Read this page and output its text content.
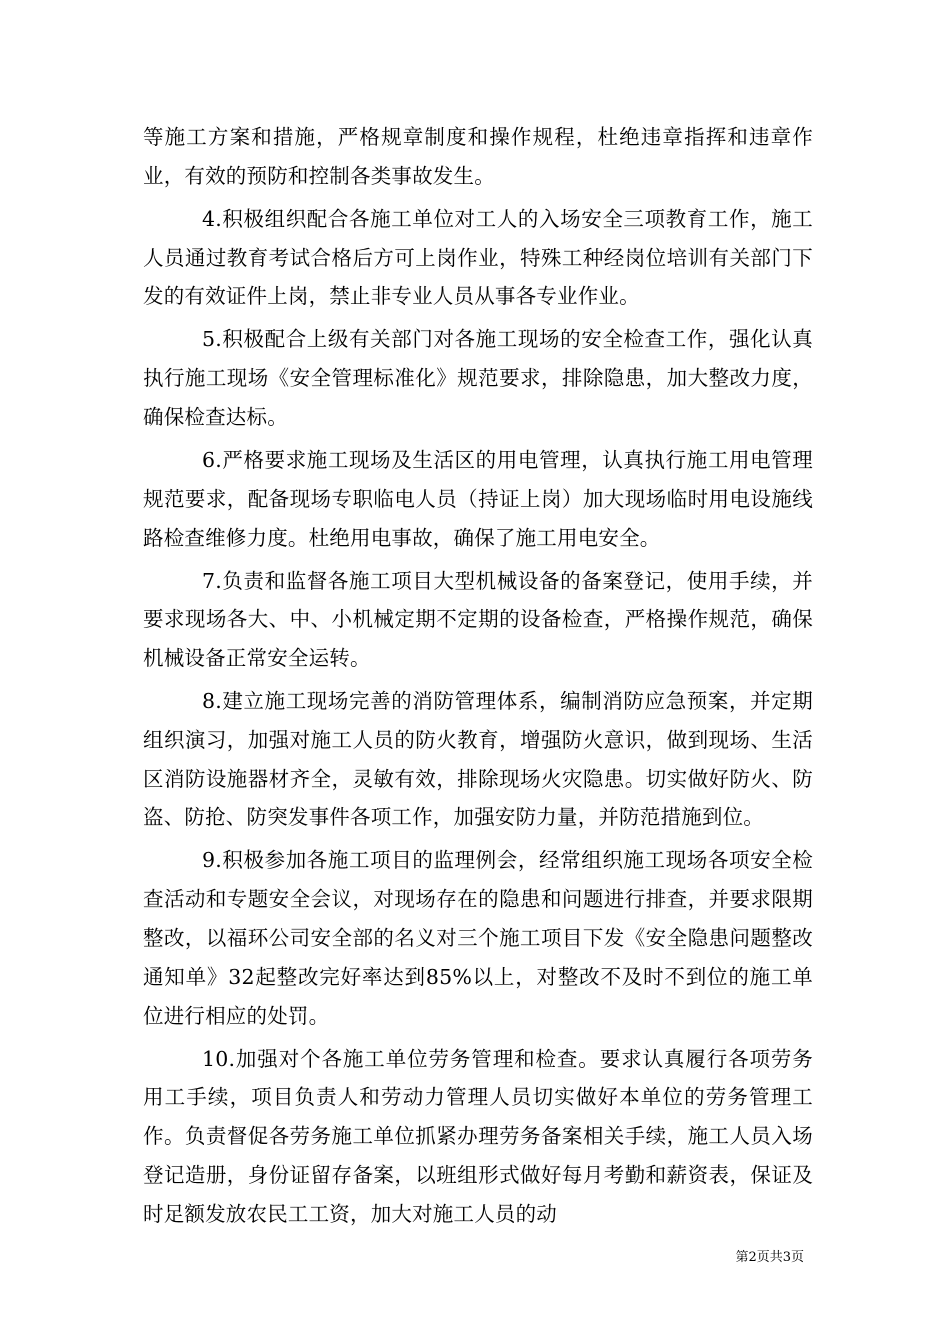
等施工方案和措施，严格规章制度和操作规程，杜绝违章指挥和违章作业，有效的预防和控制各类事故发生。

4.积极组织配合各施工单位对工人的入场安全三项教育工作，施工人员通过教育考试合格后方可上岗作业，特殊工种经岗位培训有关部门下发的有效证件上岗，禁止非专业人员从事各专业作业。

5.积极配合上级有关部门对各施工现场的安全检查工作，强化认真执行施工现场《安全管理标准化》规范要求，排除隐患，加大整改力度，确保检查达标。

6.严格要求施工现场及生活区的用电管理，认真执行施工用电管理规范要求，配备现场专职临电人员（持证上岗）加大现场临时用电设施线路检查维修力度。杜绝用电事故，确保了施工用电安全。

7.负责和监督各施工项目大型机械设备的备案登记，使用手续，并要求现场各大、中、小机械定期不定期的设备检查，严格操作规范，确保机械设备正常安全运转。

8.建立施工现场完善的消防管理体系，编制消防应急预案，并定期组织演习，加强对施工人员的防火教育，增强防火意识，做到现场、生活区消防设施器材齐全，灵敏有效，排除现场火灾隐患。切实做好防火、防盗、防抢、防突发事件各项工作，加强安防力量，并防范措施到位。

9.积极参加各施工项目的监理例会，经常组织施工现场各项安全检查活动和专题安全会议，对现场存在的隐患和问题进行排查，并要求限期整改，以福环公司安全部的名义对三个施工项目下发《安全隐患问题整改通知单》32起整改完好率达到85%以上，对整改不及时不到位的施工单位进行相应的处罚。

10.加强对个各施工单位劳务管理和检查。要求认真履行各项劳务用工手续，项目负责人和劳动力管理人员切实做好本单位的劳务管理工作。负责督促各劳务施工单位抓紧办理劳务备案相关手续，施工人员入场登记造册，身份证留存备案，以班组形式做好每月考勤和薪资表，保证及时足额发放农民工工资，加大对施工人员的动

第2页共3页
